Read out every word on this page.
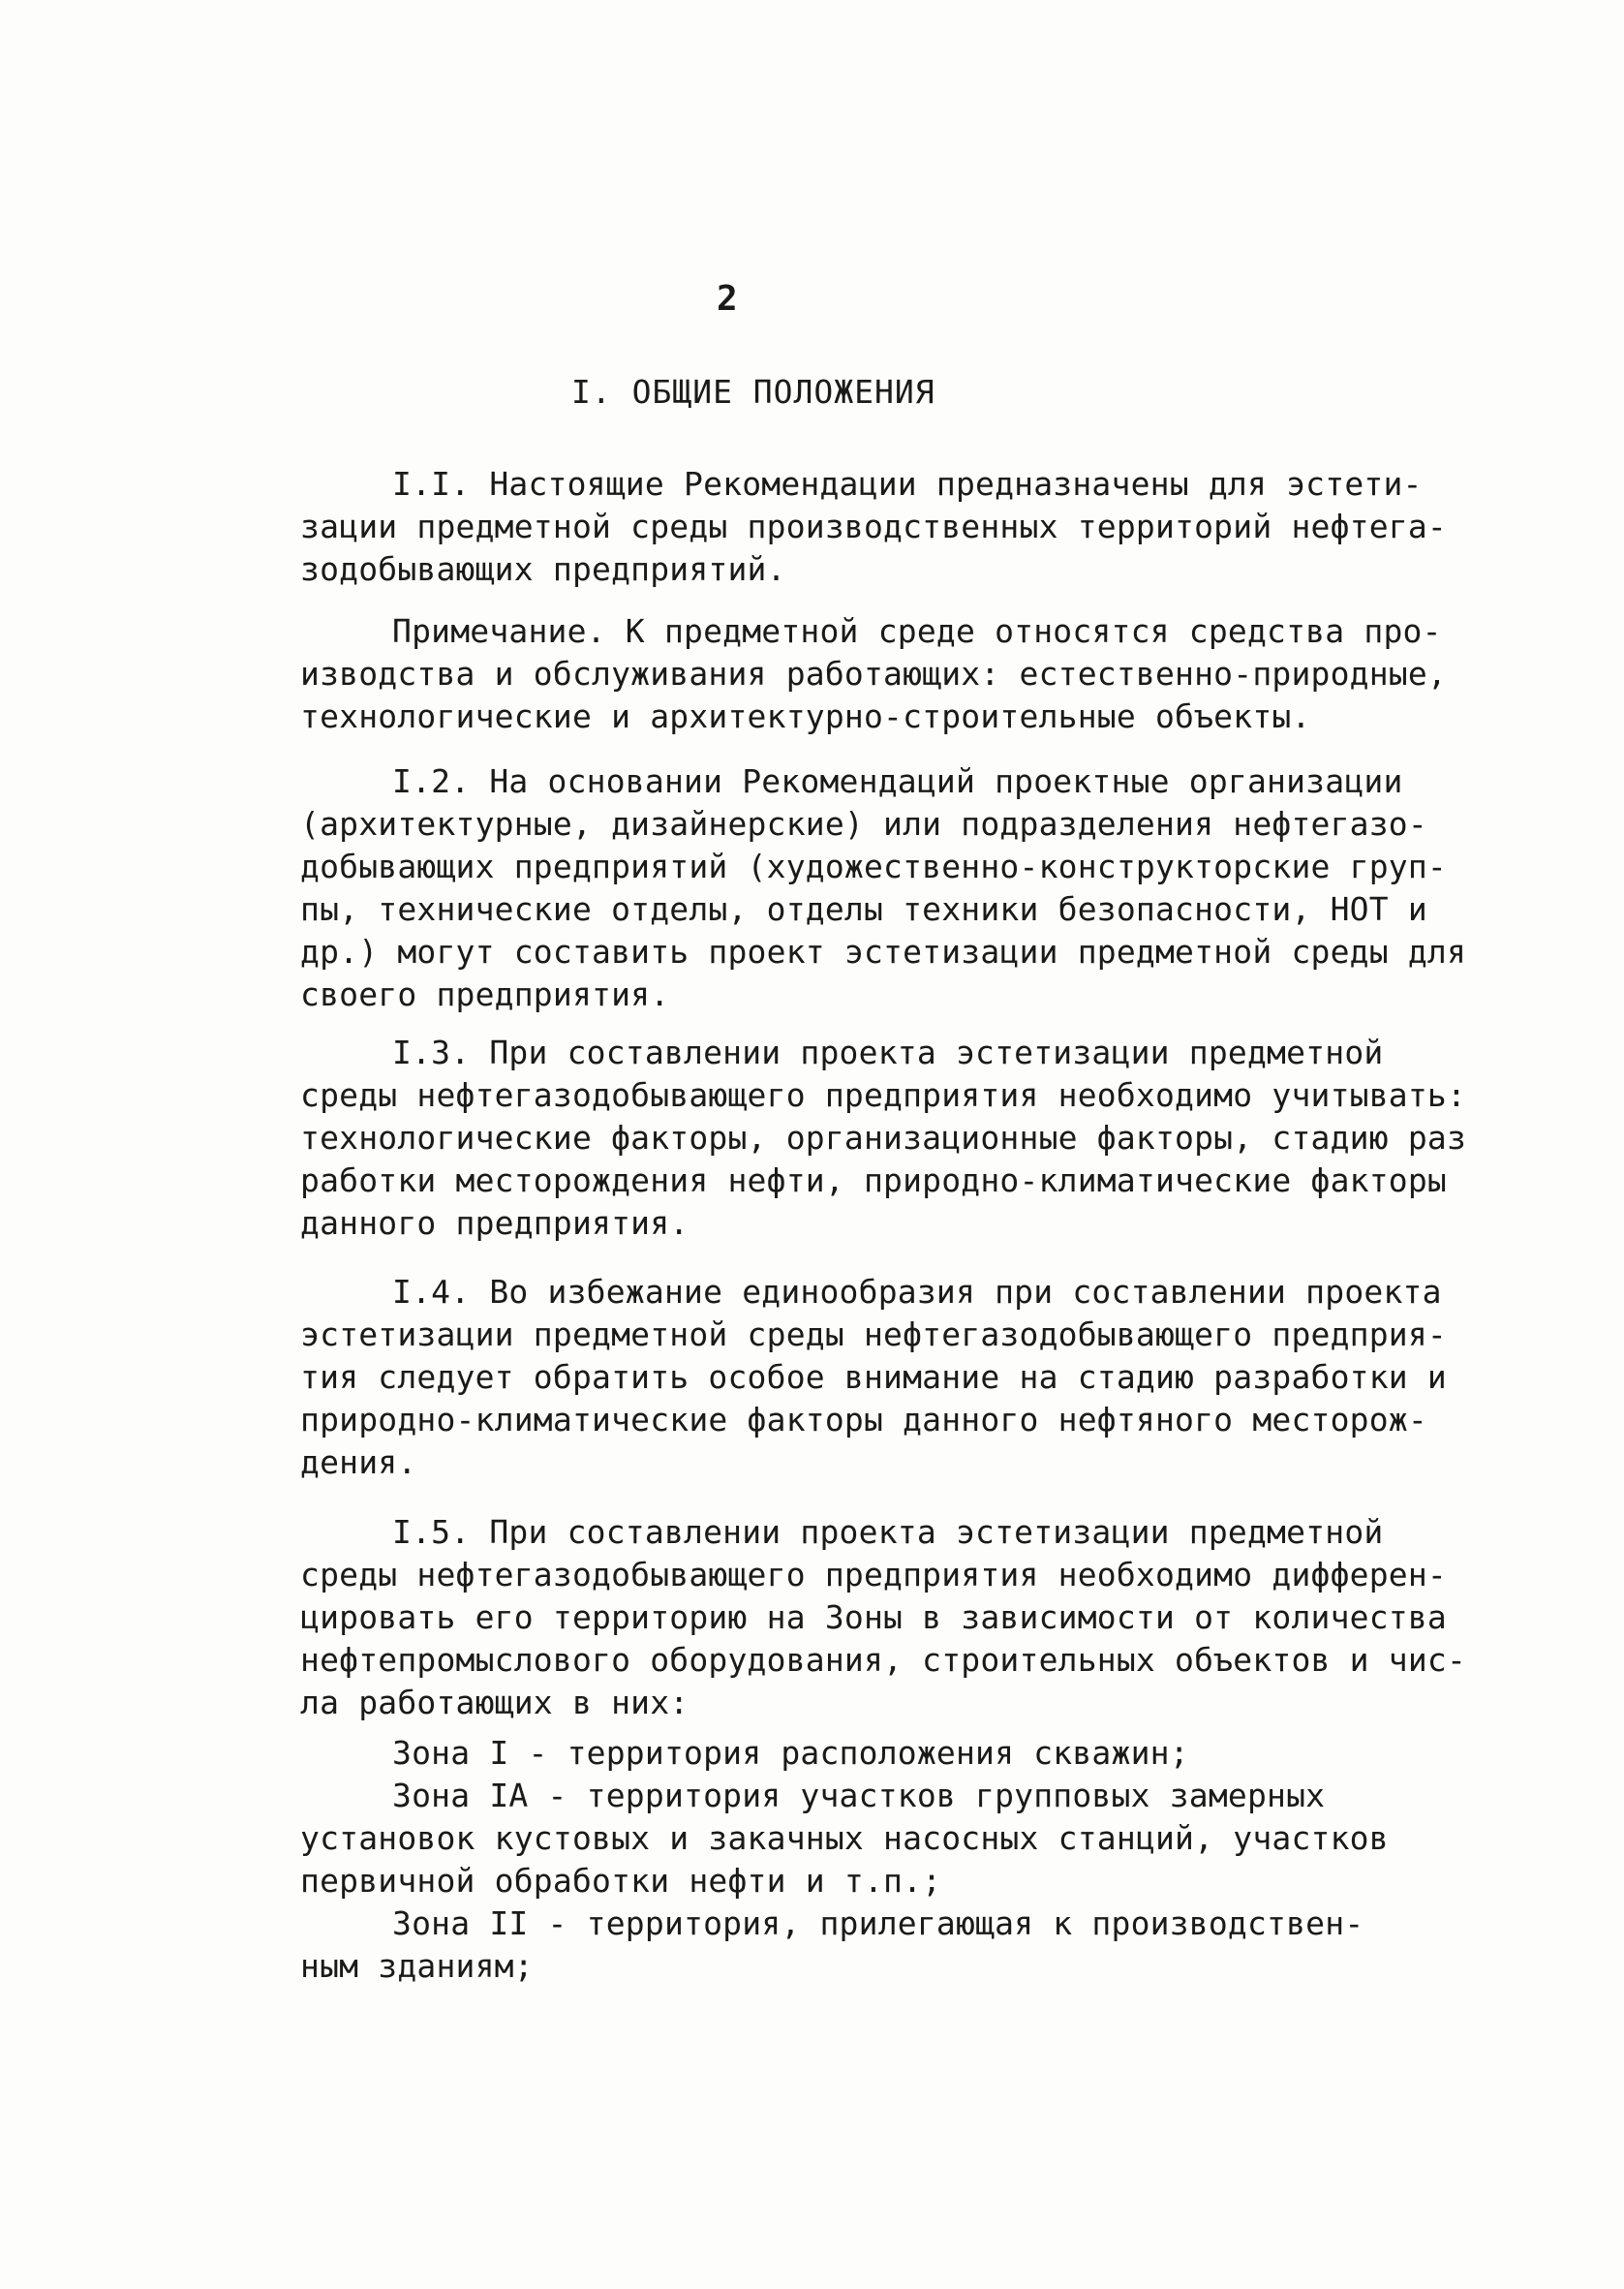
2
I. ОБЩИЕ ПОЛОЖЕНИЯ
I.I. Настоящие Рекомендации предназначены для эстети-
зации предметной среды производственных территорий нефтега-
зодобывающих предприятий.
Примечание. К предметной среде относятся средства про-
изводства и обслуживания работающих: естественно-природные,
технологические и архитектурно-строительные объекты.
I.2. На основании Рекомендаций проектные организации
(архитектурные, дизайнерские) или подразделения нефтегазо-
добывающих предприятий (художественно-конструкторские груп-
пы, технические отделы, отделы техники безопасности, НОТ и
др.) могут составить проект эстетизации предметной среды для
своего предприятия.
I.3. При составлении проекта эстетизации предметной
среды нефтегазодобывающего предприятия необходимо учитывать:
технологические факторы, организационные факторы, стадию раз
работки месторождения нефти, природно-климатические факторы
данного предприятия.
I.4. Во избежание единообразия при составлении проекта
эстетизации предметной среды нефтегазодобывающего предприя-
тия следует обратить особое внимание на стадию разработки и
природно-климатические факторы данного нефтяного месторож-
дения.
I.5. При составлении проекта эстетизации предметной
среды нефтегазодобывающего предприятия необходимо дифферен-
цировать его территорию на Зоны в зависимости от количества
нефтепромыслового оборудования, строительных объектов и чис-
ла работающих в них:
Зона I - территория расположения скважин;
Зона IA - территория участков групповых замерных
установок кустовых и закачных насосных станций, участков
первичной обработки нефти и т.п.;
Зона II - территория, прилегающая к производствен-
ным зданиям;
